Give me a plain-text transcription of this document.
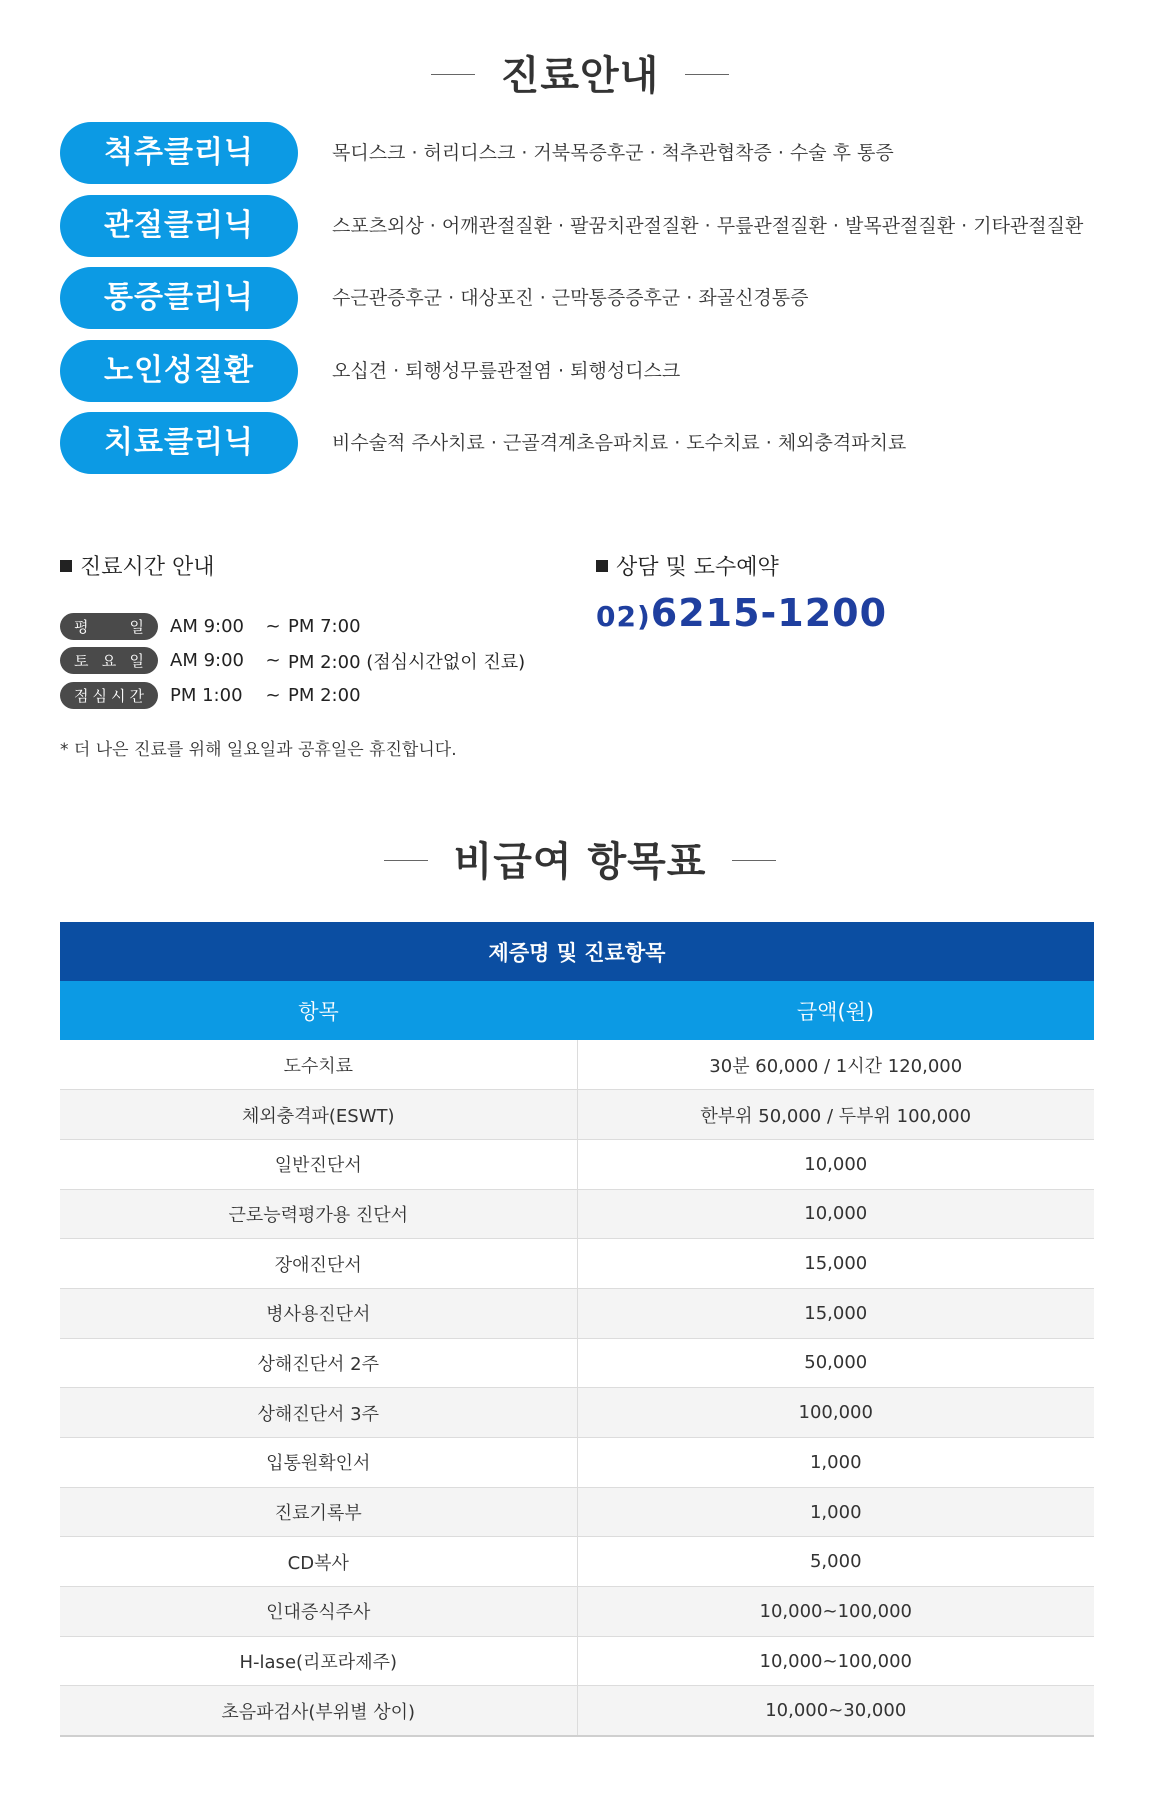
진료안내
척추클리닉	목디스크 · 허리디스크 · 거북목증후군 · 척추관협착증 · 수술 후 통증
관절클리닉	스포츠외상 · 어깨관절질환 · 팔꿈치관절질환 · 무릎관절질환 · 발목관절질환 · 기타관절질환
통증클리닉	수근관증후군 · 대상포진 · 근막통증증후군 · 좌골신경통증
노인성질환	오십견 · 퇴행성무릎관절염 · 퇴행성디스크
치료클리닉	비수술적 주사치료 · 근골격계초음파치료 · 도수치료 · 체외충격파치료
진료시간 안내
평	일 AM 9:00	~ PM 7:00
토 요 일 AM 9:00	~ PM 2:00 (점심시간없이 진료)
점 심 시 간 PM 1:00	~ PM 2:00
* 더 나은 진료를 위해 일요일과 공휴일은 휴진합니다.
상담 및 도수예약
02)6215-1200
비급여 항목표
제증명 및 진료항목	
항목	금액(원)
도수치료	30분 60,000 / 1시간 120,000
체외충격파(ESWT)	한부위 50,000 / 두부위 100,000
일반진단서	10,000
근로능력평가용 진단서	10,000
장애진단서	15,000
병사용진단서	15,000
상해진단서 2주	50,000
상해진단서 3주	100,000
입통원확인서	1,000
진료기록부	1,000
CD복사	5,000
인대증식주사	10,000~100,000
H-lase(리포라제주)	10,000~100,000
초음파검사(부위별 상이)	10,000~30,000
